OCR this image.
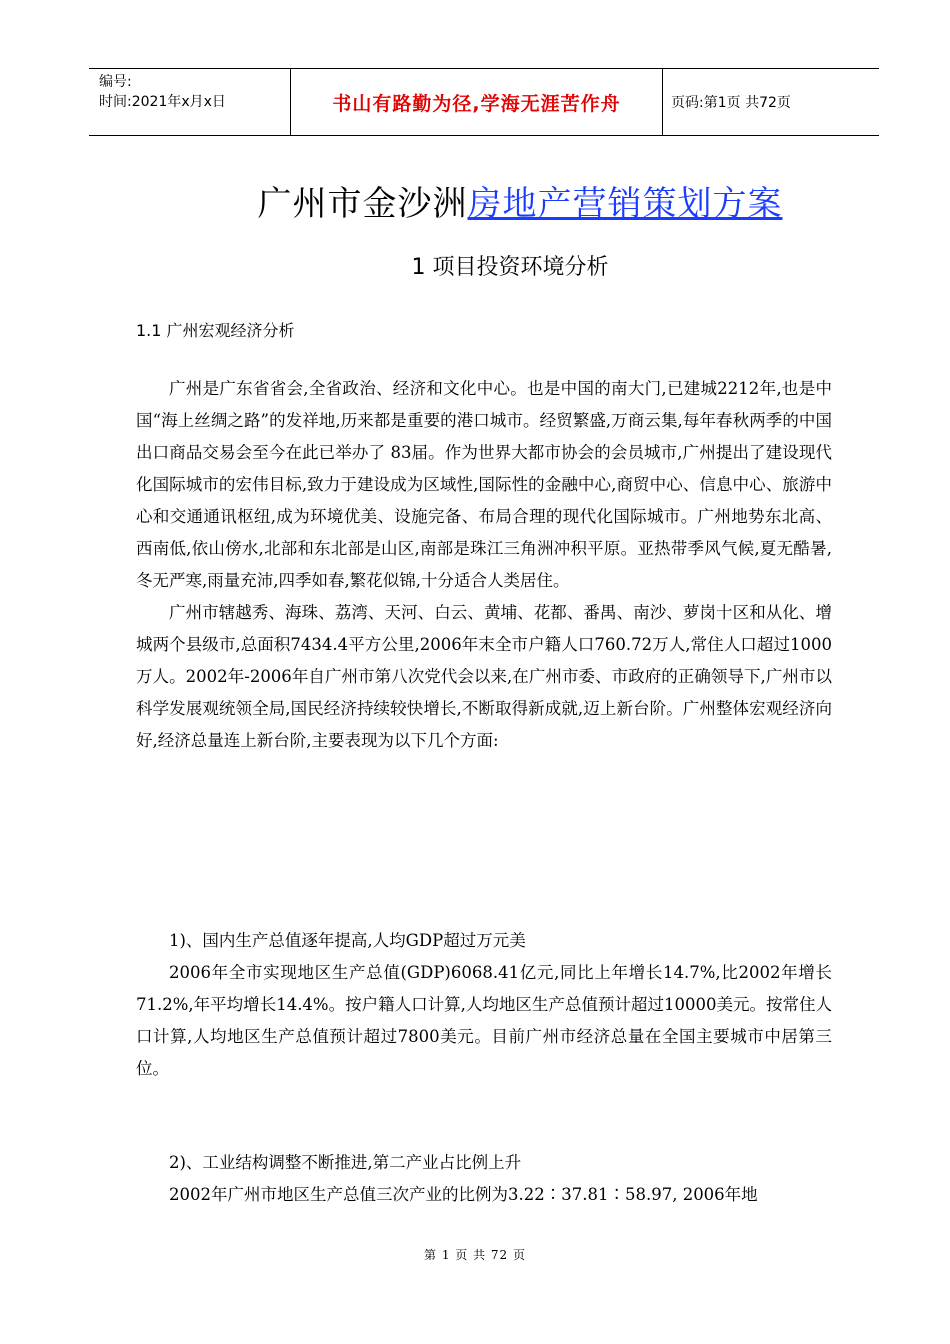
编号:
时间:2021年x月x日	书山有路勤为径,学海无涯苦作舟	页码:第1页 共72页
广州市金沙洲房地产营销策划方案
1 项目投资环境分析
1.1 广州宏观经济分析

广州是广东省省会,全省政治、经济和文化中心。也是中国的南大门,已建城2212年,也是中国“海上丝绸之路”的发祥地,历来都是重要的港口城市。经贸繁盛,万商云集,每年春秋两季的中国出口商品交易会至今在此已举办了 83届。作为世界大都市协会的会员城市,广州提出了建设现代化国际城市的宏伟目标,致力于建设成为区域性,国际性的金融中心,商贸中心、信息中心、旅游中心和交通通讯枢纽,成为环境优美、设施完备、布局合理的现代化国际城市。广州地势东北高、西南低,依山傍水,北部和东北部是山区,南部是珠江三角洲冲积平原。亚热带季风气候,夏无酷暑,冬无严寒,雨量充沛,四季如春,繁花似锦,十分适合人类居住。

广州市辖越秀、海珠、荔湾、天河、白云、黄埔、花都、番禺、南沙、萝岗十区和从化、增城两个县级市,总面积7434.4平方公里,2006年末全市户籍人口760.72万人,常住人口超过1000万人。2002年-2006年自广州市第八次党代会以来,在广州市委、市政府的正确领导下,广州市以科学发展观统领全局,国民经济持续较快增长,不断取得新成就,迈上新台阶。广州整体宏观经济向好,经济总量连上新台阶,主要表现为以下几个方面:

1)、国内生产总值逐年提高,人均GDP超过万元美

2006年全市实现地区生产总值(GDP)6068.41亿元,同比上年增长14.7%,比2002年增长71.2%,年平均增长14.4%。按户籍人口计算,人均地区生产总值预计超过10000美元。按常住人口计算,人均地区生产总值预计超过7800美元。目前广州市经济总量在全国主要城市中居第三位。

2)、工业结构调整不断推进,第二产业占比例上升

2002年广州市地区生产总值三次产业的比例为3.22∶37.81∶58.97, 2006年地

第 1 页 共 72 页
